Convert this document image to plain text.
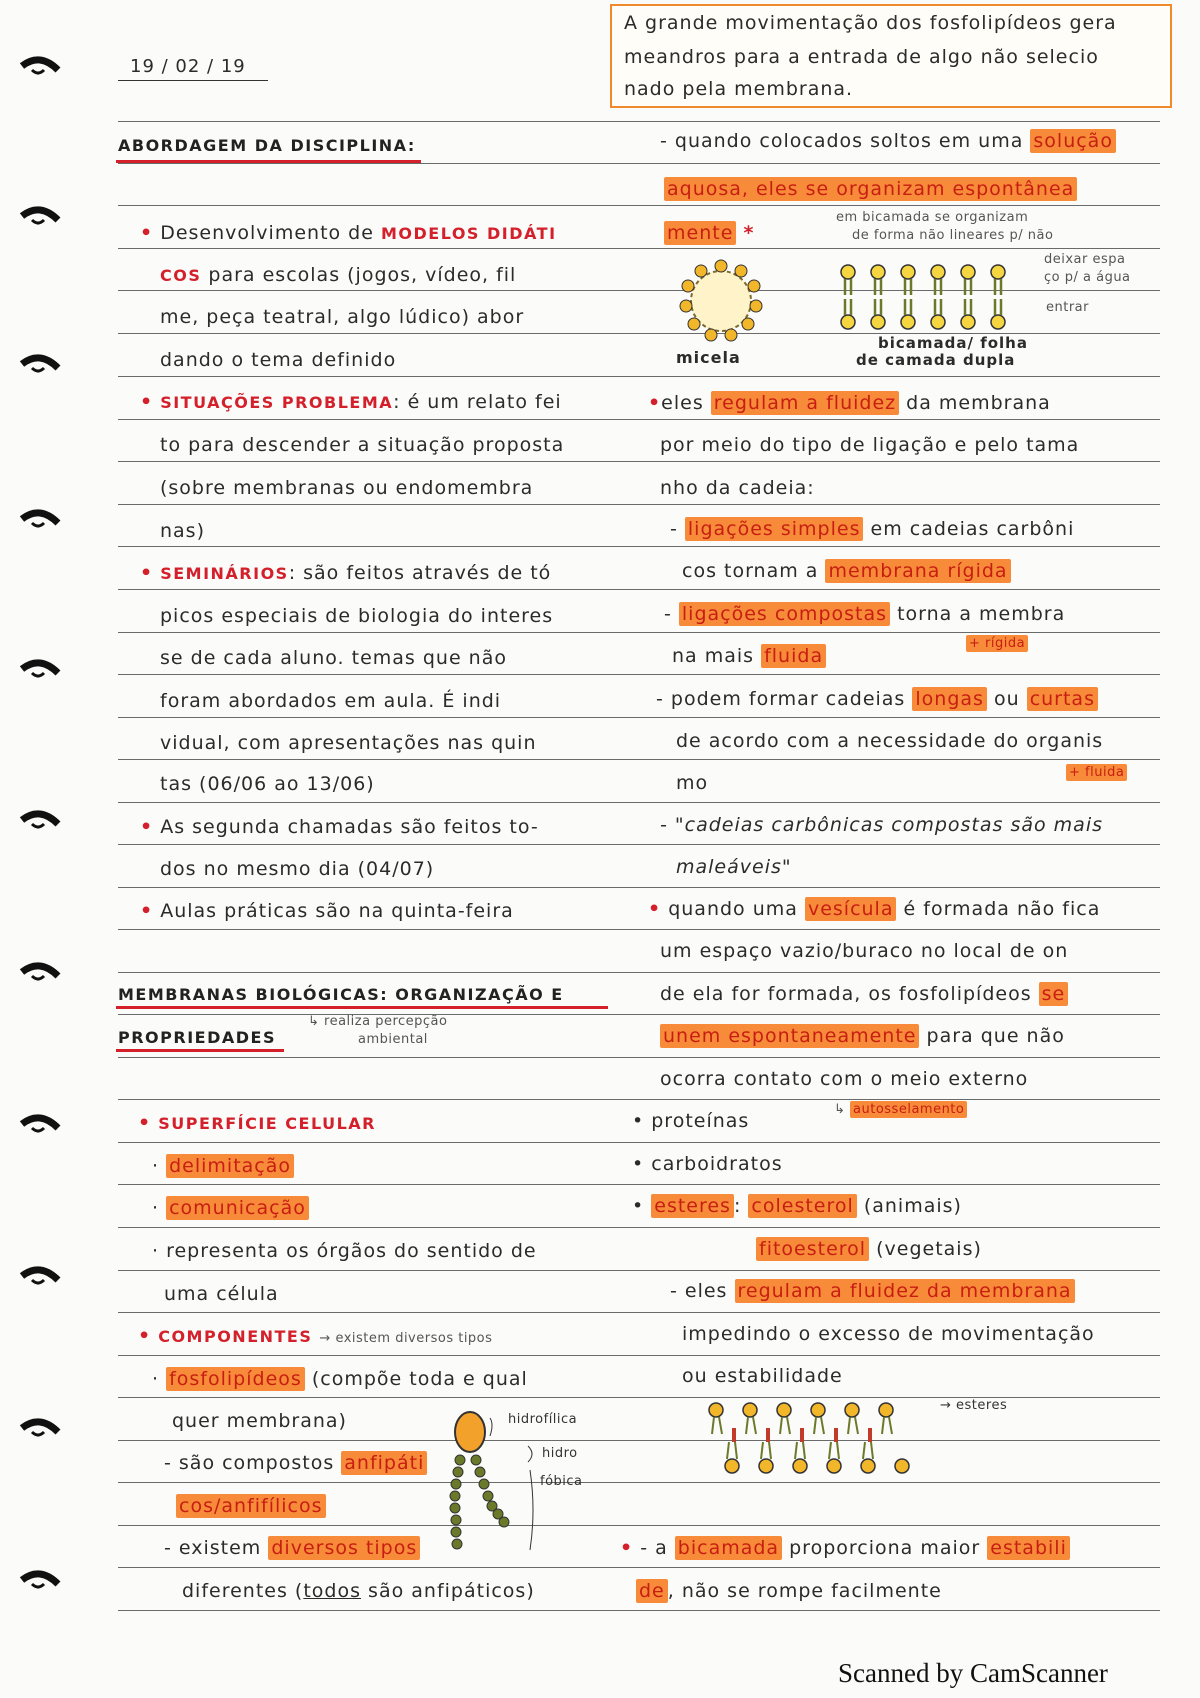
19 / 02 / 19
A grande movimentação dos fosfolipídeos gera
meandros para a entrada de algo não selecio
nado pela membrana.
ABORDAGEM DA DISCIPLINA:
• Desenvolvimento de MODELOS DIDÁTI
COS para escolas (jogos, vídeo, fil
me, peça teatral, algo lúdico) abor
dando o tema definido
• SITUAÇÕES PROBLEMA: é um relato fei
to para descender a situação proposta
(sobre membranas ou endomembra
nas)
• SEMINÁRIOS: são feitos através de tó
picos especiais de biologia do interes
se de cada aluno. temas que não
foram abordados em aula. É indi
vidual, com apresentações nas quin
tas (06/06 ao 13/06)
• As segunda chamadas são feitos to-
dos no mesmo dia (04/07)
• Aulas práticas são na quinta-feira
MEMBRANAS BIOLÓGICAS: ORGANIZAÇÃO E
PROPRIEDADES
↳ realiza percepção
ambiental
• SUPERFÍCIE CELULAR
· delimitação
· comunicação
· representa os órgãos do sentido de
uma célula
• COMPONENTES → existem diversos tipos
· fosfolipídeos (compõe toda e qual
quer membrana)
- são compostos anfipáti
cos/anfifílicos
- existem diversos tipos
diferentes (todos são anfipáticos)
hidrofílica
hidro
fóbica
- quando colocados soltos em uma solução
aquosa, eles se organizam espontânea
mente *
em bicamada se organizam
de forma não lineares p/ não
deixar espa
ço p/ a água
entrar
micela
bicamada/ folha
de camada dupla
•eles regulam a fluidez da membrana
por meio do tipo de ligação e pelo tama
nho da cadeia:
- ligações simples em cadeias carbôni
cos tornam a membrana rígida
- ligações compostas torna a membra
na mais fluida
+ rígida
- podem formar cadeias longas ou curtas
de acordo com a necessidade do organis
mo	+ fluida
- "cadeias carbônicas compostas são mais
maleáveis"
• quando uma vesícula é formada não fica
um espaço vazio/buraco no local de on
de ela for formada, os fosfolipídeos se
unem espontaneamente para que não
ocorra contato com o meio externo
• proteínas
↳ autosselamento
• carboidratos
• esteres : colesterol (animais)
fitoesterol (vegetais)
- eles regulam a fluidez da membrana
impedindo o excesso de movimentação
ou estabilidade
→ esteres
• - a bicamada proporciona maior estabili
de , não se rompe facilmente
Scanned by CamScanner
